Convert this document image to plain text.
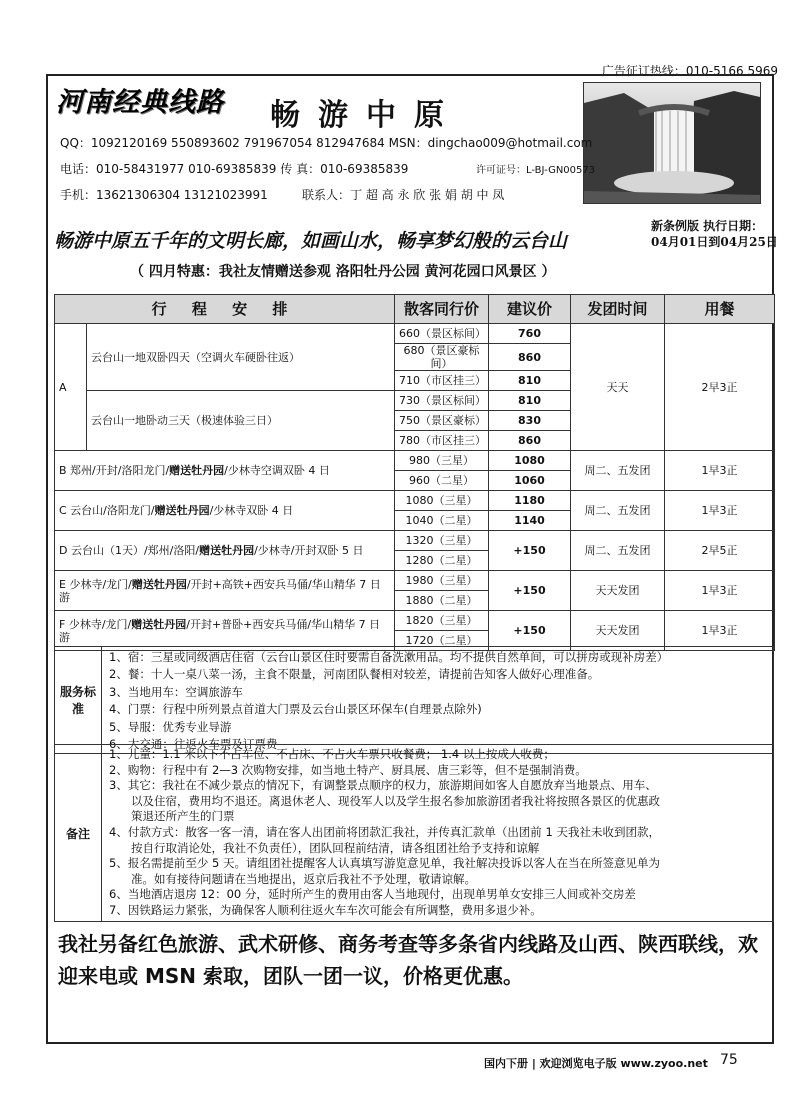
广告征订热线：010-5166 5969
河南经典线路 畅游中原
QQ：1092120169 550893602 791967054 812947684 MSN：dingchao009@hotmail.com
电话：010-58431977 010-69385839 传 真：010-69385839	许可证号：L-BJ-GN00573
手机：13621306304 13121023991	联系人：丁 超 高 永 欣 张 娟 胡 中 凤
畅游中原五千年的文明长廊，如画山水，畅享梦幻般的云台山
新条例版 执行日期：
04月01日到04月25日
（ 四月特惠：我社友情赠送参观 洛阳牡丹公园 黄河花园口风景区 ）
行 程 安 排		散客同行价	建议价	发团时间	用餐
A	云台山一地双卧四天（空调火车硬卧往返）	660（景区标间）	760	天天	2早3正
		680（景区豪标间）	860		
		710（市区挂三）	810		
	云台山一地卧动三天（极速体验三日）	730（景区标间）	810		
		750（景区豪标）	830		
		780（市区挂三）	860		
B 郑州/开封/洛阳龙门/赠送牡丹园/少林寺空调双卧 4 日		980（三星）	1080	周二、五发团	1早3正
		960（二星）	1060		
C 云台山/洛阳龙门/赠送牡丹园/少林寺双卧 4 日		1080（三星）	1180	周二、五发团	1早3正
		1040（二星）	1140		
D 云台山（1天）/郑州/洛阳/赠送牡丹园/少林寺/开封双卧 5 日		1320（三星）	+150	周二、五发团	2早5正
		1280（二星）			
E 少林寺/龙门/赠送牡丹园/开封+高铁+西安兵马俑/华山精华 7 日游		1980（三星）	+150	天天发团	1早3正
		1880（二星）			
F 少林寺/龙门/赠送牡丹园/开封+普卧+西安兵马俑/华山精华 7 日游		1820（三星）	+150	天天发团	1早3正
		1720（二星）			
服务标准
1、宿：三星或同级酒店住宿（云台山景区住时要需自备洗漱用品。均不提供自然单间，可以拼房或现补房差）
2、餐：十人一桌八菜一汤，主食不限量，河南团队餐相对较差，请提前告知客人做好心理准备。
3、当地用车：空调旅游车
4、门票：行程中所列景点首道大门票及云台山景区环保车(自理景点除外)
5、导服：优秀专业导游
6、大交通：往返火车票及订票费
备注
1、儿童：1.1 米以下不占车位、不占床、不占火车票只收餐费； 1.4 以上按成人收费；
2、购物：行程中有 2—3 次购物安排，如当地土特产、厨具展、唐三彩等，但不是强制消费。
3、其它：我社在不减少景点的情况下，有调整景点顺序的权力，旅游期间如客人自愿放弃当地景点、用车、
以及住宿，费用均不退还。离退休老人、现役军人以及学生报名参加旅游团者我社将按照各景区的优惠政
策退还所产生的门票
4、付款方式：散客一客一清，请在客人出团前将团款汇我社，并传真汇款单（出团前 1 天我社未收到团款，
按自行取消论处，我社不负责任），团队回程前结清，请各组团社给予支持和谅解
5、报名需提前至少 5 天。请组团社提醒客人认真填写游览意见单，我社解决投诉以客人在当在所签意见单为
准。如有接待问题请在当地提出，返京后我社不予处理，敬请谅解。
6、当地酒店退房 12：00 分，延时所产生的费用由客人当地现付，出现单男单女安排三人间或补交房差
7、因铁路运力紧张，为确保客人顺利往返火车车次可能会有所调整，费用多退少补。
我社另备红色旅游、武术研修、商务考查等多条省内线路及山西、陕西联线，欢迎来电或 MSN 索取，团队一团一议，价格更优惠。
国内下册 | 欢迎浏览电子版 www.zyoo.net 75
